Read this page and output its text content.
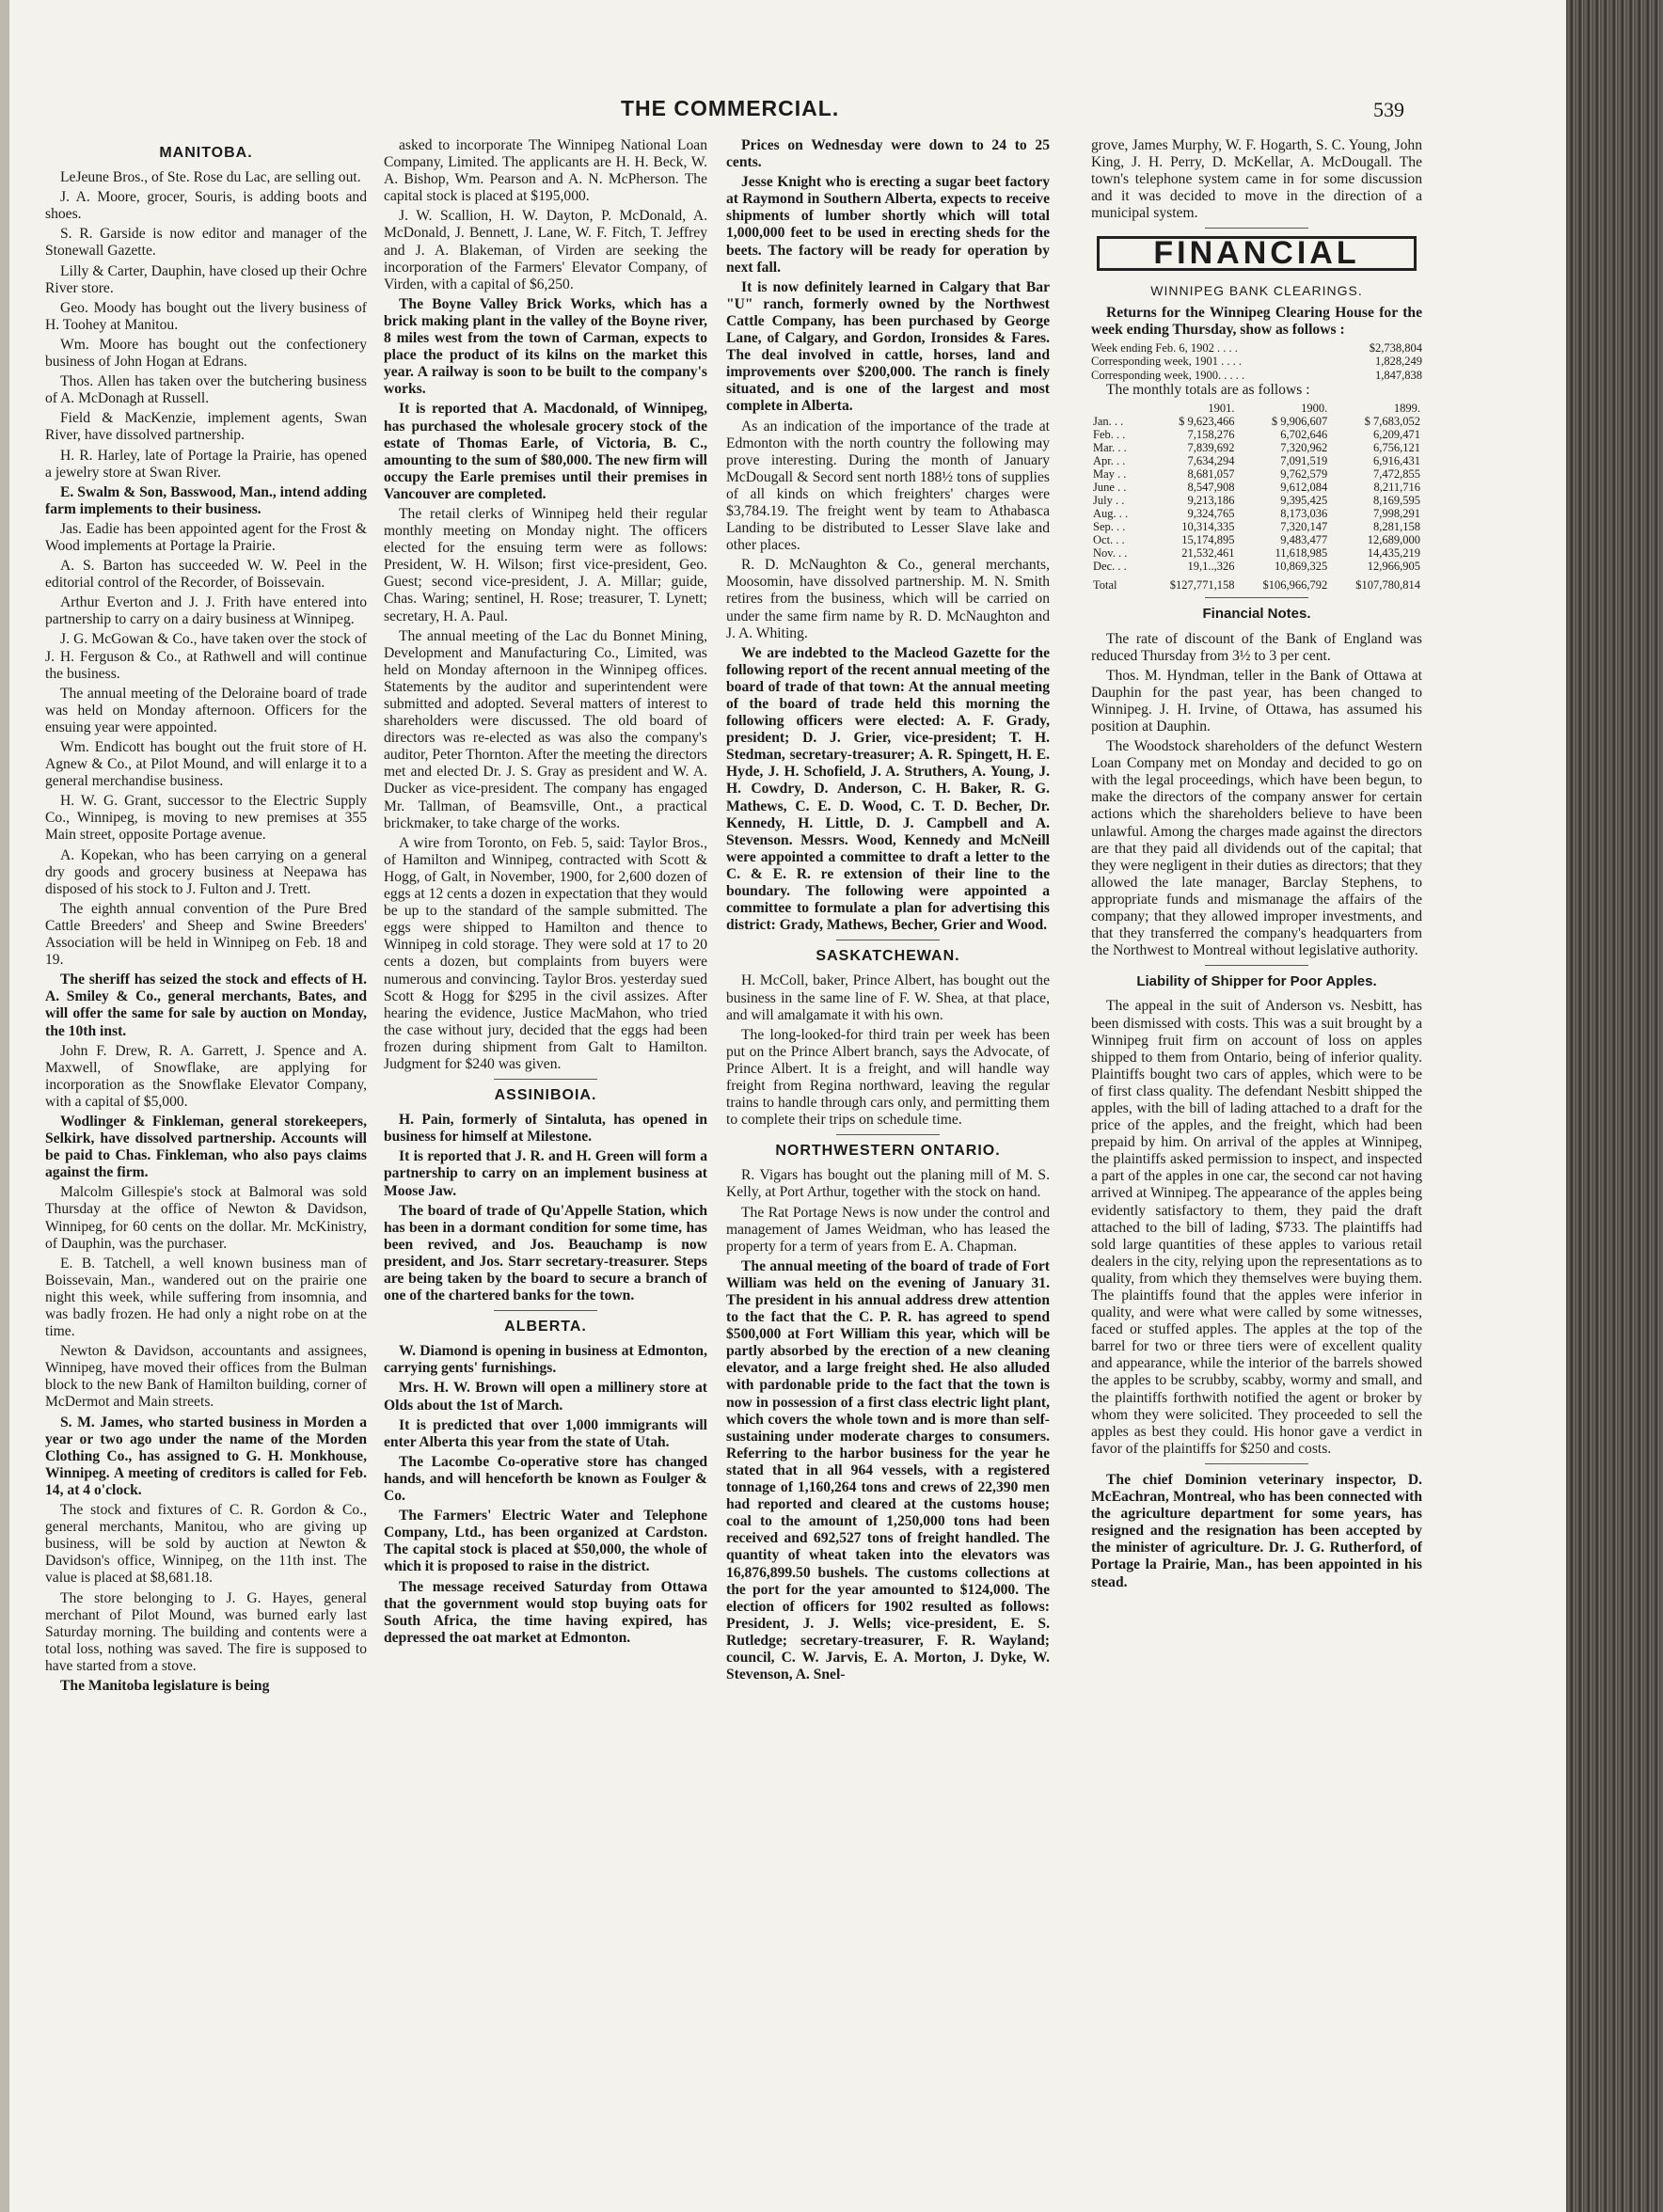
THE COMMERCIAL.	539
MANITOBA.

LeJeune Bros., of Ste. Rose du Lac, are selling out.

J. A. Moore, grocer, Souris, is adding boots and shoes.

S. R. Garside is now editor and manager of the Stonewall Gazette.

Lilly & Carter, Dauphin, have closed up their Ochre River store.

Geo. Moody has bought out the livery business of H. Toohey at Manitou.

Wm. Moore has bought out the confectionery business of John Hogan at Edrans.

Thos. Allen has taken over the butchering business of A. McDonagh at Russell.

Field & MacKenzie, implement agents, Swan River, have dissolved partnership.

H. R. Harley, late of Portage la Prairie, has opened a jewelry store at Swan River.

E. Swalm & Son, Basswood, Man., intend adding farm implements to their business.

Jas. Eadie has been appointed agent for the Frost & Wood implements at Portage la Prairie.

A. S. Barton has succeeded W. W. Peel in the editorial control of the Recorder, of Boissevain.

Arthur Everton and J. J. Frith have entered into partnership to carry on a dairy business at Winnipeg.

J. G. McGowan & Co., have taken over the stock of J. H. Ferguson & Co., at Rathwell and will continue the business.

The annual meeting of the Deloraine board of trade was held on Monday afternoon. Officers for the ensuing year were appointed.

Wm. Endicott has bought out the fruit store of H. Agnew & Co., at Pilot Mound, and will enlarge it to a general merchandise business.

H. W. G. Grant, successor to the Electric Supply Co., Winnipeg, is moving to new premises at 355 Main street, opposite Portage avenue.

A. Kopekan, who has been carrying on a general dry goods and grocery business at Neepawa has disposed of his stock to J. Fulton and J. Trett.

The eighth annual convention of the Pure Bred Cattle Breeders' and Sheep and Swine Breeders' Association will be held in Winnipeg on Feb. 18 and 19.

The sheriff has seized the stock and effects of H. A. Smiley & Co., general merchants, Bates, and will offer the same for sale by auction on Monday, the 10th inst.

John F. Drew, R. A. Garrett, J. Spence and A. Maxwell, of Snowflake, are applying for incorporation as the Snowflake Elevator Company, with a capital of $5,000.

Wodlinger & Finkleman, general storekeepers, Selkirk, have dissolved partnership. Accounts will be paid to Chas. Finkleman, who also pays claims against the firm.

Malcolm Gillespie's stock at Balmoral was sold Thursday at the office of Newton & Davidson, Winnipeg, for 60 cents on the dollar. Mr. McKinistry, of Dauphin, was the purchaser.

E. B. Tatchell, a well known business man of Boissevain, Man., wandered out on the prairie one night this week, while suffering from insomnia, and was badly frozen. He had only a night robe on at the time.

Newton & Davidson, accountants and assignees, Winnipeg, have moved their offices from the Bulman block to the new Bank of Hamilton building, corner of McDermot and Main streets.

S. M. James, who started business in Morden a year or two ago under the name of the Morden Clothing Co., has assigned to G. H. Monkhouse, Winnipeg. A meeting of creditors is called for Feb. 14, at 4 o'clock.

The stock and fixtures of C. R. Gordon & Co., general merchants, Manitou, who are giving up business, will be sold by auction at Newton & Davidson's office, Winnipeg, on the 11th inst. The value is placed at $8,681.18.

The store belonging to J. G. Hayes, general merchant of Pilot Mound, was burned early last Saturday morning. The building and contents were a total loss, nothing was saved. The fire is supposed to have started from a stove.

The Manitoba legislature is being

asked to incorporate The Winnipeg National Loan Company, Limited. The applicants are H. H. Beck, W. A. Bishop, Wm. Pearson and A. N. McPherson. The capital stock is placed at $195,000.

J. W. Scallion, H. W. Dayton, P. McDonald, A. McDonald, J. Bennett, J. Lane, W. F. Fitch, T. Jeffrey and J. A. Blakeman, of Virden are seeking the incorporation of the Farmers' Elevator Company, of Virden, with a capital of $6,250.

The Boyne Valley Brick Works, which has a brick making plant in the valley of the Boyne river, 8 miles west from the town of Carman, expects to place the product of its kilns on the market this year. A railway is soon to be built to the company's works.

It is reported that A. Macdonald, of Winnipeg, has purchased the wholesale grocery stock of the estate of Thomas Earle, of Victoria, B. C., amounting to the sum of $80,000. The new firm will occupy the Earle premises until their premises in Vancouver are completed.

The retail clerks of Winnipeg held their regular monthly meeting on Monday night. The officers elected for the ensuing term were as follows: President, W. H. Wilson; first vice-president, Geo. Guest; second vice-president, J. A. Millar; guide, Chas. Waring; sentinel, H. Rose; treasurer, T. Lynett; secretary, H. A. Paul.

The annual meeting of the Lac du Bonnet Mining, Development and Manufacturing Co., Limited, was held on Monday afternoon in the Winnipeg offices. Statements by the auditor and superintendent were submitted and adopted. Several matters of interest to shareholders were discussed. The old board of directors was re-elected as was also the company's auditor, Peter Thornton. After the meeting the directors met and elected Dr. J. S. Gray as president and W. A. Ducker as vice-president. The company has engaged Mr. Tallman, of Beamsville, Ont., a practical brickmaker, to take charge of the works.

A wire from Toronto, on Feb. 5, said: Taylor Bros., of Hamilton and Winnipeg, contracted with Scott & Hogg, of Galt, in November, 1900, for 2,600 dozen of eggs at 12 cents a dozen in expectation that they would be up to the standard of the sample submitted. The eggs were shipped to Hamilton and thence to Winnipeg in cold storage. They were sold at 17 to 20 cents a dozen, but complaints from buyers were numerous and convincing. Taylor Bros. yesterday sued Scott & Hogg for $295 in the civil assizes. After hearing the evidence, Justice MacMahon, who tried the case without jury, decided that the eggs had been frozen during shipment from Galt to Hamilton. Judgment for $240 was given.

ASSINIBOIA.

H. Pain, formerly of Sintaluta, has opened in business for himself at Milestone.

It is reported that J. R. and H. Green will form a partnership to carry on an implement business at Moose Jaw.

The board of trade of Qu'Appelle Station, which has been in a dormant condition for some time, has been revived, and Jos. Beauchamp is now president, and Jos. Starr secretary-treasurer. Steps are being taken by the board to secure a branch of one of the chartered banks for the town.

ALBERTA.

W. Diamond is opening in business at Edmonton, carrying gents' furnishings.

Mrs. H. W. Brown will open a millinery store at Olds about the 1st of March.

It is predicted that over 1,000 immigrants will enter Alberta this year from the state of Utah.

The Lacombe Co-operative store has changed hands, and will henceforth be known as Foulger & Co.

The Farmers' Electric Water and Telephone Company, Ltd., has been organized at Cardston. The capital stock is placed at $50,000, the whole of which it is proposed to raise in the district.

The message received Saturday from Ottawa that the government would stop buying oats for South Africa, the time having expired, has depressed the oat market at Edmonton.

Prices on Wednesday were down to 24 to 25 cents.

Jesse Knight who is erecting a sugar beet factory at Raymond in Southern Alberta, expects to receive shipments of lumber shortly which will total 1,000,000 feet to be used in erecting sheds for the beets. The factory will be ready for operation by next fall.

It is now definitely learned in Calgary that Bar "U" ranch, formerly owned by the Northwest Cattle Company, has been purchased by George Lane, of Calgary, and Gordon, Ironsides & Fares. The deal involved in cattle, horses, land and improvements over $200,000. The ranch is finely situated, and is one of the largest and most complete in Alberta.

As an indication of the importance of the trade at Edmonton with the north country the following may prove interesting. During the month of January McDougall & Secord sent north 188½ tons of supplies of all kinds on which freighters' charges were $3,784.19. The freight went by team to Athabasca Landing to be distributed to Lesser Slave lake and other places.

R. D. McNaughton & Co., general merchants, Moosomin, have dissolved partnership. M. N. Smith retires from the business, which will be carried on under the same firm name by R. D. McNaughton and J. A. Whiting.

We are indebted to the Macleod Gazette for the following report of the recent annual meeting of the board of trade of that town: At the annual meeting of the board of trade held this morning the following officers were elected: A. F. Grady, president; D. J. Grier, vice-president; T. H. Stedman, secretary-treasurer; A. R. Spingett, H. E. Hyde, J. H. Schofield, J. A. Struthers, A. Young, J. H. Cowdry, D. Anderson, C. H. Baker, R. G. Mathews, C. E. D. Wood, C. T. D. Becher, Dr. Kennedy, H. Little, D. J. Campbell and A. Stevenson. Messrs. Wood, Kennedy and McNeill were appointed a committee to draft a letter to the C. & E. R. re extension of their line to the boundary. The following were appointed a committee to formulate a plan for advertising this district: Grady, Mathews, Becher, Grier and Wood.

SASKATCHEWAN.

H. McColl, baker, Prince Albert, has bought out the business in the same line of F. W. Shea, at that place, and will amalgamate it with his own.

The long-looked-for third train per week has been put on the Prince Albert branch, says the Advocate, of Prince Albert. It is a freight, and will handle way freight from Regina northward, leaving the regular trains to handle through cars only, and permitting them to complete their trips on schedule time.

NORTHWESTERN ONTARIO.

R. Vigars has bought out the planing mill of M. S. Kelly, at Port Arthur, together with the stock on hand.

The Rat Portage News is now under the control and management of James Weidman, who has leased the property for a term of years from E. A. Chapman.

The annual meeting of the board of trade of Fort William was held on the evening of January 31. The president in his annual address drew attention to the fact that the C. P. R. has agreed to spend $500,000 at Fort William this year, which will be partly absorbed by the erection of a new cleaning elevator, and a large freight shed. He also alluded with pardonable pride to the fact that the town is now in possession of a first class electric light plant, which covers the whole town and is more than self-sustaining under moderate charges to consumers. Referring to the harbor business for the year he stated that in all 964 vessels, with a registered tonnage of 1,160,264 tons and crews of 22,390 men had reported and cleared at the customs house; coal to the amount of 1,250,000 tons had been received and 692,527 tons of freight handled. The quantity of wheat taken into the elevators was 16,876,899.50 bushels. The customs collections at the port for the year amounted to $124,000. The election of officers for 1902 resulted as follows: President, J. J. Wells; vice-president, E. S. Rutledge; secretary-treasurer, F. R. Wayland; council, C. W. Jarvis, E. A. Morton, J. Dyke, W. Stevenson, A. Snel-

grove, James Murphy, W. F. Hogarth, S. C. Young, John King, J. H. Perry, D. McKellar, A. McDougall. The town's telephone system came in for some discussion and it was decided to move in the direction of a municipal system.

FINANCIAL
WINNIPEG BANK CLEARINGS.

Returns for the Winnipeg Clearing House for the week ending Thursday, show as follows :

Week ending Feb. 6, 1902 . . . .	$2,738,804
Corresponding week, 1901 . . . .	1,828,249
Corresponding week, 1900. . . . .	1,847,838

The monthly totals are as follows :

	1901.	1900.	1899.
Jan. . .	$ 9,623,466	$ 9,906,607	$ 7,683,052
Feb. . .	7,158,276	6,702,646	6,209,471
Mar. . .	7,839,692	7,320,962	6,756,121
Apr. . .	7,634,294	7,091,519	6,916,431
May . .	8,681,057	9,762,579	7,472,855
June . .	8,547,908	9,612,084	8,211,716
July . .	9,213,186	9,395,425	8,169,595
Aug. . .	9,324,765	8,173,036	7,998,291
Sep. . .	10,314,335	7,320,147	8,281,158
Oct. . .	15,174,895	9,483,477	12,689,000
Nov. . .	21,532,461	11,618,985	14,435,219
Dec. . .	19,1..,326	10,869,325	12,966,905
Total	$127,771,158	$106,966,792	$107,780,814
Financial Notes.

The rate of discount of the Bank of England was reduced Thursday from 3½ to 3 per cent.

Thos. M. Hyndman, teller in the Bank of Ottawa at Dauphin for the past year, has been changed to Winnipeg. J. H. Irvine, of Ottawa, has assumed his position at Dauphin.

The Woodstock shareholders of the defunct Western Loan Company met on Monday and decided to go on with the legal proceedings, which have been begun, to make the directors of the company answer for certain actions which the shareholders believe to have been unlawful. Among the charges made against the directors are that they paid all dividends out of the capital; that they were negligent in their duties as directors; that they allowed the late manager, Barclay Stephens, to appropriate funds and mismanage the affairs of the company; that they allowed improper investments, and that they transferred the company's headquarters from the Northwest to Montreal without legislative authority.

Liability of Shipper for Poor Apples.

The appeal in the suit of Anderson vs. Nesbitt, has been dismissed with costs. This was a suit brought by a Winnipeg fruit firm on account of loss on apples shipped to them from Ontario, being of inferior quality. Plaintiffs bought two cars of apples, which were to be of first class quality. The defendant Nesbitt shipped the apples, with the bill of lading attached to a draft for the price of the apples, and the freight, which had been prepaid by him. On arrival of the apples at Winnipeg, the plaintiffs asked permission to inspect, and inspected a part of the apples in one car, the second car not having arrived at Winnipeg. The appearance of the apples being evidently satisfactory to them, they paid the draft attached to the bill of lading, $733. The plaintiffs had sold large quantities of these apples to various retail dealers in the city, relying upon the representations as to quality, from which they themselves were buying them. The plaintiffs found that the apples were inferior in quality, and were what were called by some witnesses, faced or stuffed apples. The apples at the top of the barrel for two or three tiers were of excellent quality and appearance, while the interior of the barrels showed the apples to be scrubby, scabby, wormy and small, and the plaintiffs forthwith notified the agent or broker by whom they were solicited. They proceeded to sell the apples as best they could. His honor gave a verdict in favor of the plaintiffs for $250 and costs.

The chief Dominion veterinary inspector, D. McEachran, Montreal, who has been connected with the agriculture department for some years, has resigned and the resignation has been accepted by the minister of agriculture. Dr. J. G. Rutherford, of Portage la Prairie, Man., has been appointed in his stead.
